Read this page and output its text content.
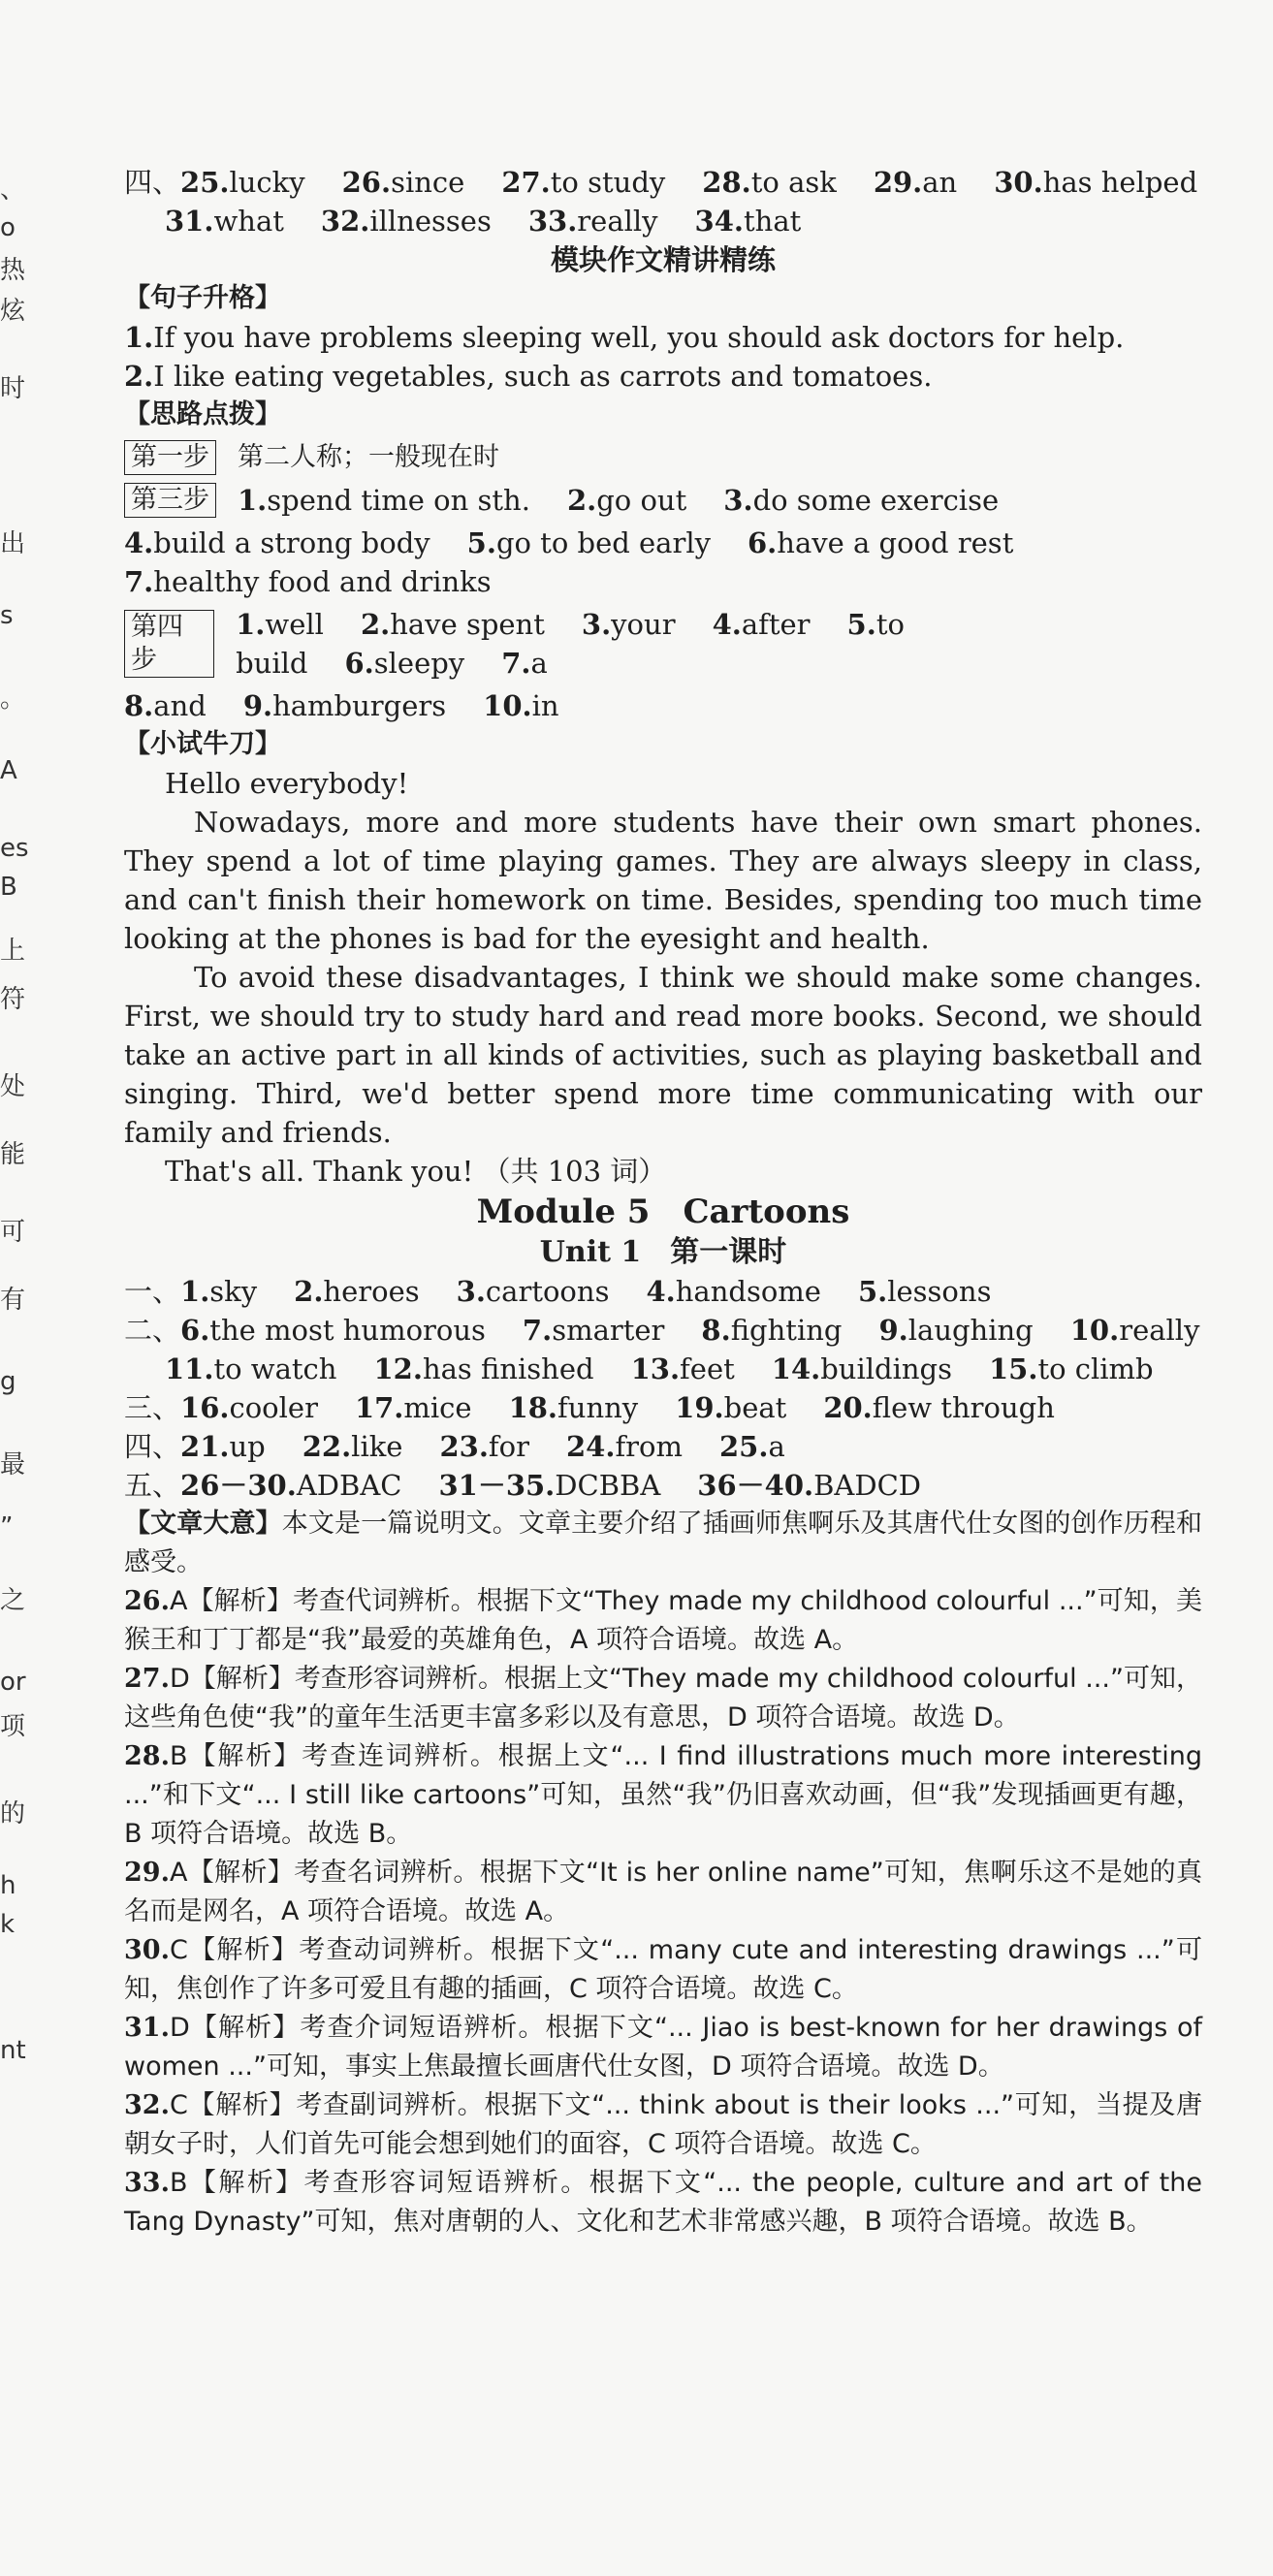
、
o
热
炫
时
出
s
。
A
es
B
上
符
处
能
可
有
g
最
”
之
or
项
的
h
k
nt
四、25.lucky 26.since 27.to study 28.to ask 29.an 30.has helped
31.what 32.illnesses 33.really 34.that
模块作文精讲精练
【句子升格】
1.If you have problems sleeping well, you should ask doctors for help.
2.I like eating vegetables, such as carrots and tomatoes.
【思路点拨】
第一步 第二人称；一般现在时
第三步 1.spend time on sth. 2.go out 3.do some exercise
4.build a strong body 5.go to bed early 6.have a good rest
7.healthy food and drinks
第四步
1.well 2.have spent 3.your 4.after 5.to build 6.sleepy 7.a
8.and 9.hamburgers 10.in
【小试牛刀】
Hello everybody!
Nowadays, more and more students have their own smart phones. They spend a lot of time playing games. They are always sleepy in class, and can't finish their homework on time. Besides, spending too much time looking at the phones is bad for the eyesight and health.
To avoid these disadvantages, I think we should make some changes. First, we should try to study hard and read more books. Second, we should take an active part in all kinds of activities, such as playing basketball and singing. Third, we'd better spend more time communicating with our family and friends.
That's all. Thank you! （共 103 词）
Module 5　Cartoons
Unit 1　第一课时
一、1.sky 2.heroes 3.cartoons 4.handsome 5.lessons
二、6.the most humorous 7.smarter 8.fighting 9.laughing 10.really
11.to watch 12.has finished 13.feet 14.buildings 15.to climb
三、16.cooler 17.mice 18.funny 19.beat 20.flew through
四、21.up 22.like 23.for 24.from 25.a
五、26－30.ADBAC 31－35.DCBBA 36－40.BADCD
【文章大意】本文是一篇说明文。文章主要介绍了插画师焦啊乐及其唐代仕女图的创作历程和感受。
26.A【解析】考查代词辨析。根据下文“They made my childhood colourful ...”可知，美猴王和丁丁都是“我”最爱的英雄角色，A 项符合语境。故选 A。
27.D【解析】考查形容词辨析。根据上文“They made my childhood colourful ...”可知，这些角色使“我”的童年生活更丰富多彩以及有意思，D 项符合语境。故选 D。
28.B【解析】考查连词辨析。根据上文“... I find illustrations much more interesting ...”和下文“... I still like cartoons”可知，虽然“我”仍旧喜欢动画，但“我”发现插画更有趣，B 项符合语境。故选 B。
29.A【解析】考查名词辨析。根据下文“It is her online name”可知，焦啊乐这不是她的真名而是网名，A 项符合语境。故选 A。
30.C【解析】考查动词辨析。根据下文“... many cute and interesting drawings ...”可知，焦创作了许多可爱且有趣的插画，C 项符合语境。故选 C。
31.D【解析】考查介词短语辨析。根据下文“... Jiao is best-known for her drawings of women ...”可知，事实上焦最擅长画唐代仕女图，D 项符合语境。故选 D。
32.C【解析】考查副词辨析。根据下文“... think about is their looks ...”可知，当提及唐朝女子时，人们首先可能会想到她们的面容，C 项符合语境。故选 C。
33.B【解析】考查形容词短语辨析。根据下文“... the people, culture and art of the Tang Dynasty”可知，焦对唐朝的人、文化和艺术非常感兴趣，B 项符合语境。故选 B。
